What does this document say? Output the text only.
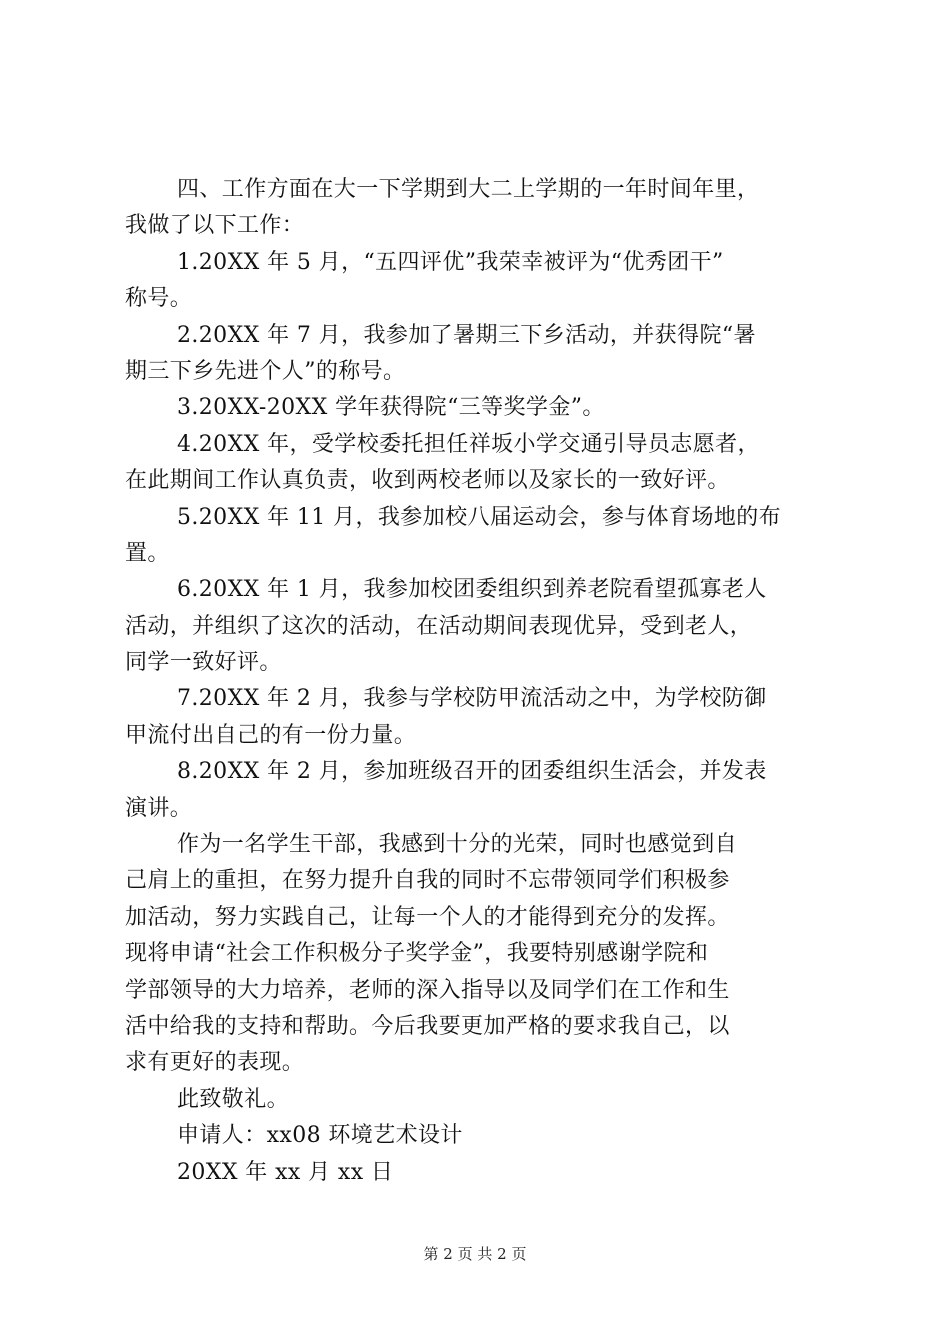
四、工作方面在大一下学期到大二上学期的一年时间年里，
我做了以下工作：
1.20XX 年 5 月，“五四评优”我荣幸被评为“优秀团干”
称号。
2.20XX 年 7 月，我参加了暑期三下乡活动，并获得院“暑
期三下乡先进个人”的称号。
3.20XX-20XX 学年获得院“三等奖学金”。
4.20XX 年，受学校委托担任祥坂小学交通引导员志愿者，
在此期间工作认真负责，收到两校老师以及家长的一致好评。
5.20XX 年 11 月，我参加校八届运动会，参与体育场地的布
置。
6.20XX 年 1 月，我参加校团委组织到养老院看望孤寡老人
活动，并组织了这次的活动，在活动期间表现优异，受到老人，
同学一致好评。
7.20XX 年 2 月，我参与学校防甲流活动之中，为学校防御
甲流付出自己的有一份力量。
8.20XX 年 2 月，参加班级召开的团委组织生活会，并发表
演讲。
作为一名学生干部，我感到十分的光荣，同时也感觉到自
己肩上的重担，在努力提升自我的同时不忘带领同学们积极参
加活动，努力实践自己，让每一个人的才能得到充分的发挥。
现将申请“社会工作积极分子奖学金”，我要特别感谢学院和
学部领导的大力培养，老师的深入指导以及同学们在工作和生
活中给我的支持和帮助。今后我要更加严格的要求我自己，以
求有更好的表现。
此致敬礼。
申请人：xx08 环境艺术设计
20XX 年 xx 月 xx 日
第 2 页 共 2 页
